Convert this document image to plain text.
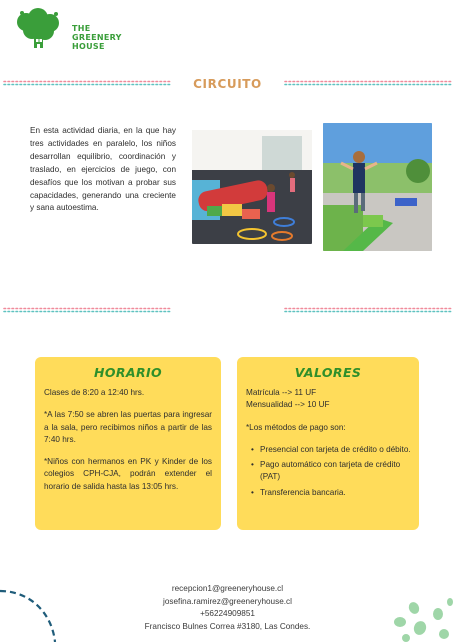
THE
GREENERY
HOUSE
CIRCUITO

En esta actividad diaria, en la que hay tres actividades en paralelo, los niños desarrollan equilibrio, coordinación y traslado, en ejercicios de juego, con desafíos que los motivan a probar sus capacidades, generando una creciente y sana autoestima.

HORARIO

Clases de 8:20 a 12:40 hrs.

*A las 7:50 se abren las puertas para ingresar a la sala, pero recibimos niños a partir de las 7:40 hrs.

*Niños con hermanos en PK y Kinder de los colegios CPH-CJA, podrán extender el horario de salida hasta las 13:05 hrs.

VALORES
Matrícula --> 11 UF
Mensualidad --> 10 UF
*Los métodos de pago son:
• Presencial con tarjeta de crédito o débito.
• Pago automático con tarjeta de crédito (PAT)
• Transferencia bancaria.
recepcion1@greeneryhouse.cl
josefina.ramirez@greeneryhouse.cl
+56224909851
Francisco Bulnes Correa #3180, Las Condes.
